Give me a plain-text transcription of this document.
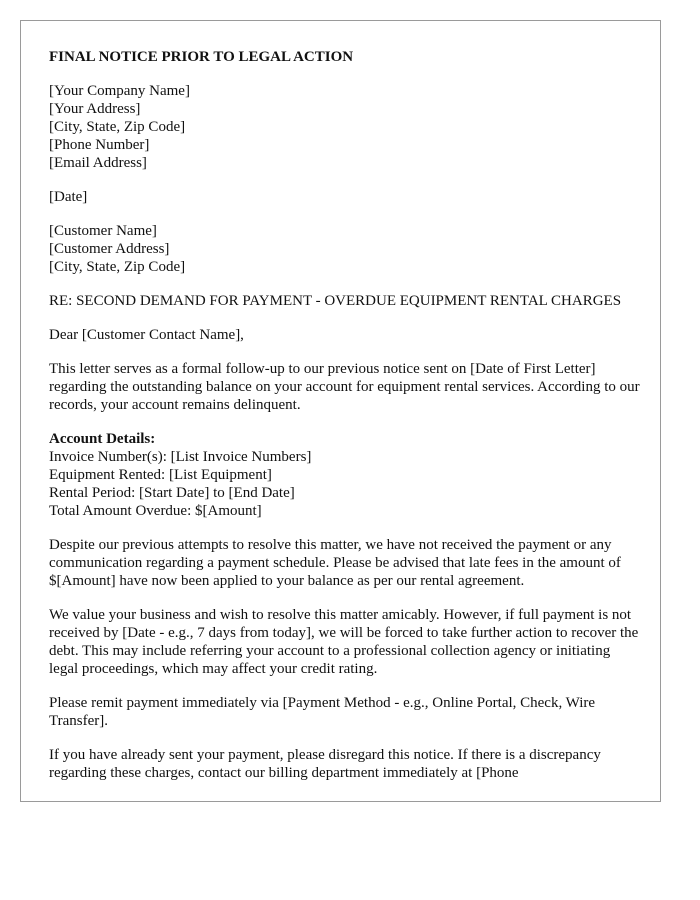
FINAL NOTICE PRIOR TO LEGAL ACTION
[Your Company Name]
[Your Address]
[City, State, Zip Code]
[Phone Number]
[Email Address]
[Date]
[Customer Name]
[Customer Address]
[City, State, Zip Code]

RE: SECOND DEMAND FOR PAYMENT - OVERDUE EQUIPMENT RENTAL CHARGES

Dear [Customer Contact Name],

This letter serves as a formal follow-up to our previous notice sent on [Date of First Letter] regarding the outstanding balance on your account for equipment rental services. According to our records, your account remains delinquent.

Account Details:
Invoice Number(s): [List Invoice Numbers]
Equipment Rented: [List Equipment]
Rental Period: [Start Date] to [End Date]
Total Amount Overdue: $[Amount]

Despite our previous attempts to resolve this matter, we have not received the payment or any communication regarding a payment schedule. Please be advised that late fees in the amount of $[Amount] have now been applied to your balance as per our rental agreement.

We value your business and wish to resolve this matter amicably. However, if full payment is not received by [Date - e.g., 7 days from today], we will be forced to take further action to recover the debt. This may include referring your account to a professional collection agency or initiating legal proceedings, which may affect your credit rating.

Please remit payment immediately via [Payment Method - e.g., Online Portal, Check, Wire Transfer].

If you have already sent your payment, please disregard this notice. If there is a discrepancy regarding these charges, contact our billing department immediately at [Phone
